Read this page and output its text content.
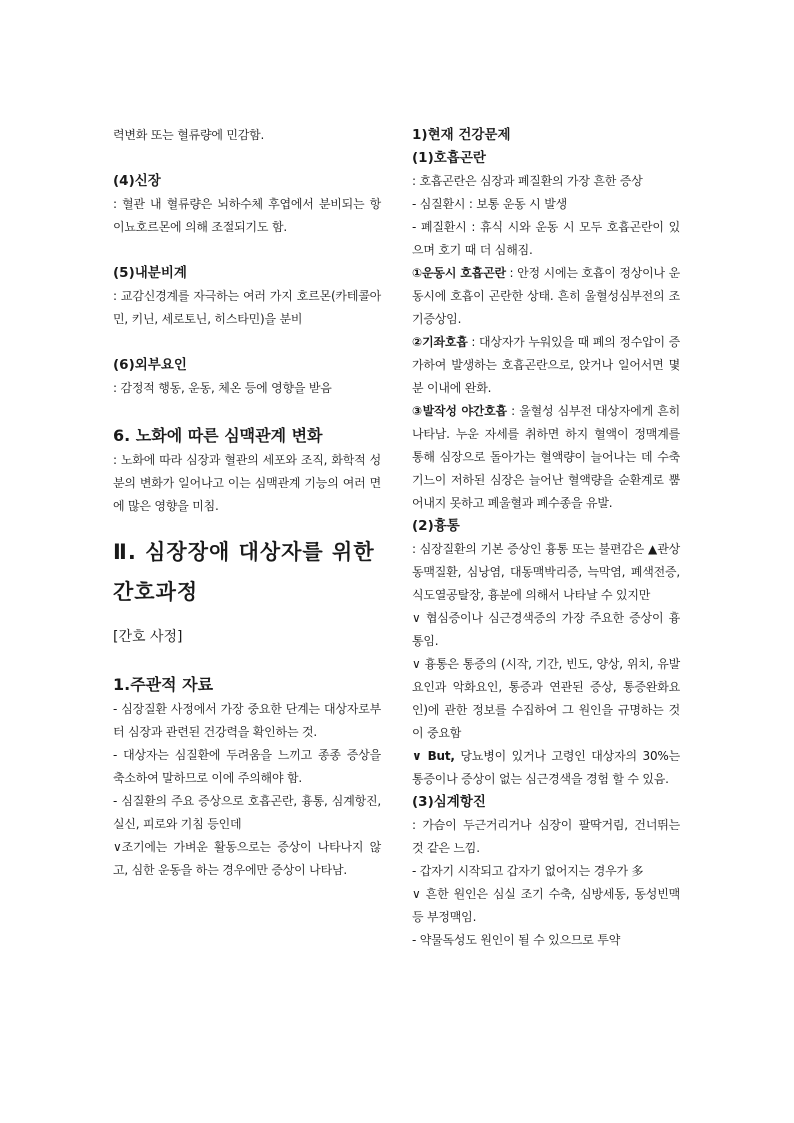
력변화 또는 혈류량에 민감함.

(4)신장

: 혈관 내 혈류량은 뇌하수체 후엽에서 분비되는 항이뇨호르몬에 의해 조절되기도 함.

(5)내분비계

: 교감신경계를 자극하는 여러 가지 호르몬(카테콜아민, 키닌, 세로토닌, 히스타민)을 분비

(6)외부요인

: 감정적 행동, 운동, 체온 등에 영향을 받음

6. 노화에 따른 심맥관계 변화

: 노화에 따라 심장과 혈관의 세포와 조직, 화학적 성분의 변화가 일어나고 이는 심맥관계 기능의 여러 면에 많은 영향을 미침.

Ⅱ. 심장장애 대상자를 위한 간호과정

[간호 사정]

1.주관적 자료

- 심장질환 사정에서 가장 중요한 단계는 대상자로부터 심장과 관련된 건강력을 확인하는 것.

- 대상자는 심질환에 두려움을 느끼고 종종 증상을 축소하여 말하므로 이에 주의해야 함.

- 심질환의 주요 증상으로 호흡곤란, 흉통, 심계항진, 실신, 피로와 기침 등인데

∨조기에는 가벼운 활동으로는 증상이 나타나지 않고, 심한 운동을 하는 경우에만 증상이 나타남.

1)현재 건강문제

(1)호흡곤란

: 호흡곤란은 심장과 폐질환의 가장 흔한 증상

- 심질환시 : 보통 운동 시 발생

- 폐질환시 : 휴식 시와 운동 시 모두 호흡곤란이 있으며 호기 때 더 심해짐.

①운동시 호흡곤란 : 안정 시에는 호흡이 정상이나 운동시에 호흡이 곤란한 상태. 흔히 울혈성심부전의 조기증상임.

②기좌호흡 : 대상자가 누워있을 때 폐의 정수압이 증가하여 발생하는 호흡곤란으로, 앉거나 일어서면 몇 분 이내에 완화.

③발작성 야간호흡 : 울혈성 심부전 대상자에게 흔히 나타남. 누운 자세를 취하면 하지 혈액이 정맥계를 통해 심장으로 돌아가는 혈액량이 늘어나는 데 수축기느이 저하된 심장은 늘어난 혈액량을 순환계로 뿜어내지 못하고 폐울혈과 폐수종을 유발.

(2)흉통

: 심장질환의 기본 증상인 흉통 또는 불편감은 ▲관상동맥질환, 심낭염, 대동맥박리증, 늑막염, 폐색전증, 식도열공탈장, 흉분에 의해서 나타날 수 있지만

∨ 협심증이나 심근경색증의 가장 주요한 증상이 흉통임.

∨ 흉통은 통증의 (시작, 기간, 빈도, 양상, 위치, 유발요인과 악화요인, 통증과 연관된 증상, 통증완화요인)에 관한 정보를 수집하여 그 원인을 규명하는 것이 중요함

∨ But, 당뇨병이 있거나 고령인 대상자의 30%는 통증이나 증상이 없는 심근경색을 경험 할 수 있음.

(3)심계항진

: 가슴이 두근거리거나 심장이 팔딱거림, 건너뛰는 것 같은 느낌.

- 갑자기 시작되고 갑자기 없어지는 경우가 多

∨ 흔한 원인은 심실 조기 수축, 심방세동, 동성빈맥 등 부정맥임.

- 약물독성도 원인이 될 수 있으므로 투약
